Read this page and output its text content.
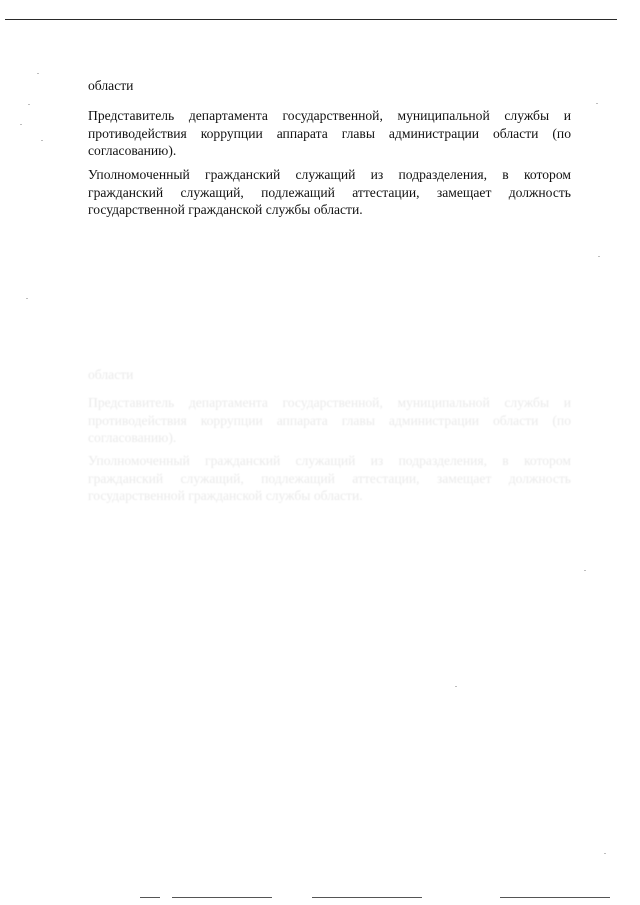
области
Представитель департамента государственной, муниципальной службы и противодействия коррупции аппарата главы администрации области (по согласованию).
Уполномоченный гражданский служащий из подразделения, в котором гражданский служащий, подлежащий аттестации, замещает должность государственной гражданской службы области.
области
Представитель департамента государственной, муниципальной службы и противодействия коррупции аппарата главы администрации области (по согласованию).
Уполномоченный гражданский служащий из подразделения, в котором гражданский служащий, подлежащий аттестации, замещает должность государственной гражданской службы области.
